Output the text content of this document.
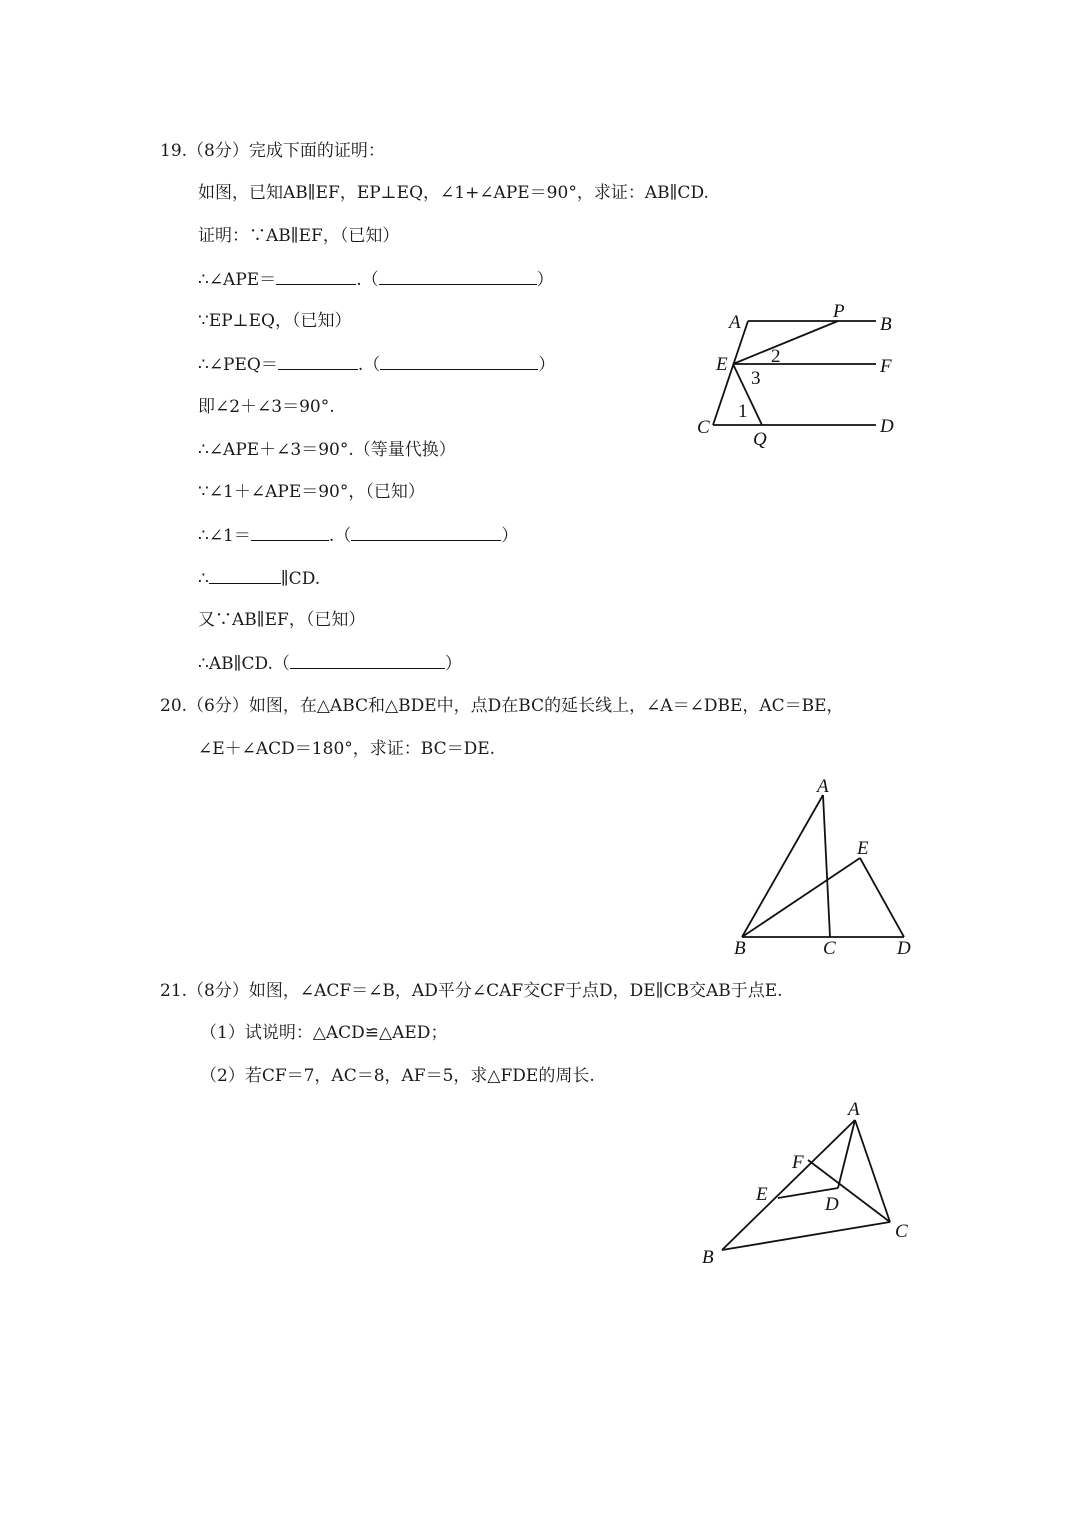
19.（8分）完成下面的证明：
如图，已知AB∥EF，EP⊥EQ，∠1+∠APE＝90°，求证：AB∥CD.
证明：∵AB∥EF，（已知）
∴∠APE＝	.（	）
∵EP⊥EQ，（已知）
∴∠PEQ＝	.（	）
即∠2＋∠3＝90°.
∴∠APE＋∠3＝90°.（等量代换）
∵∠1＋∠APE＝90°，（已知）
∴∠1＝	.（	）
∴	∥CD.
又∵AB∥EF，（已知）
∴AB∥CD.（	）
20.（6分）如图，在△ABC和△BDE中，点D在BC的延长线上，∠A＝∠DBE，AC＝BE，
∠E＋∠ACD＝180°，求证：BC＝DE.
21.（8分）如图，∠ACF＝∠B，AD平分∠CAF交CF于点D，DE∥CB交AB于点E.
（1）试说明：△ACD≌△AED；
（2）若CF＝7，AC＝8，AF＝5，求△FDE的周长.
A
P
B
E	F
C
Q
D
1
2
3
A
E
B	C	D
A
F
E	D
B
C
